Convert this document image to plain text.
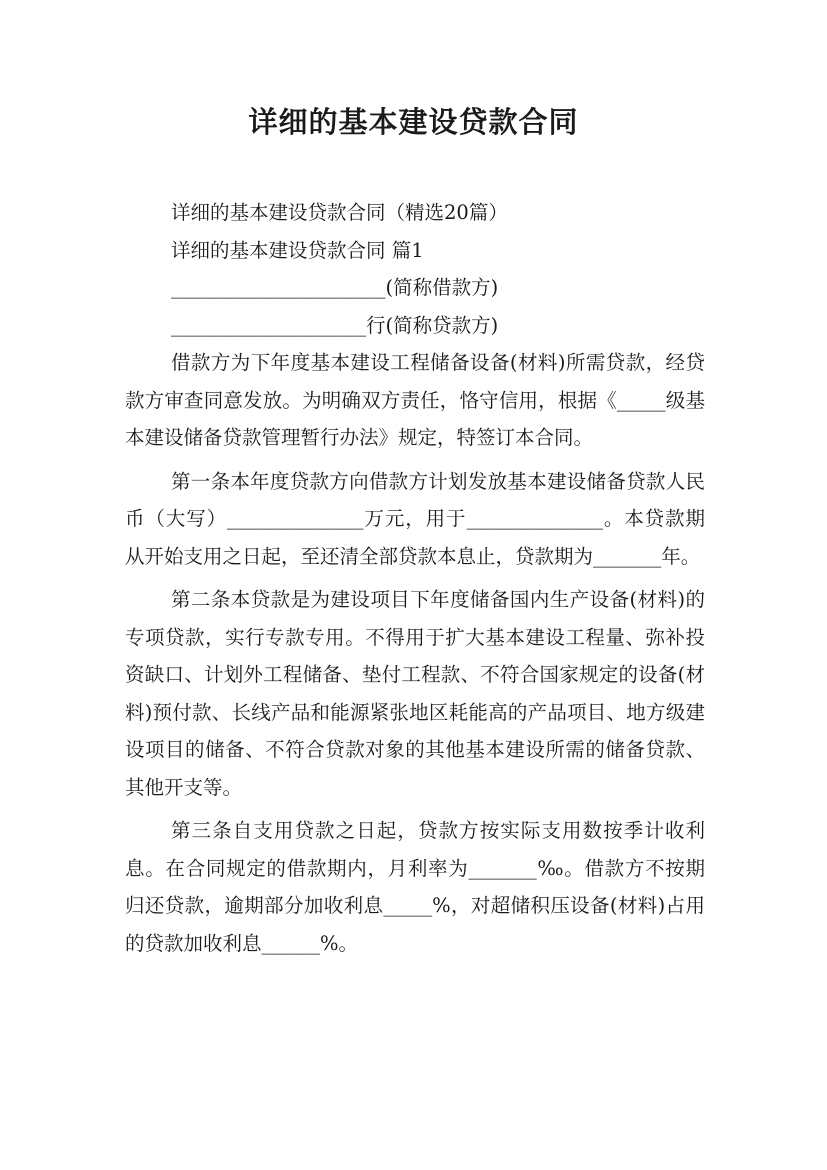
详细的基本建设贷款合同

详细的基本建设贷款合同（精选20篇）

详细的基本建设贷款合同 篇1

______________________(简称借款方)

____________________行(简称贷款方)

借款方为下年度基本建设工程储备设备(材料)所需贷款，经贷款方审查同意发放。为明确双方责任，恪守信用，根据《_____级基本建设储备贷款管理暂行办法》规定，特签订本合同。

第一条本年度贷款方向借款方计划发放基本建设储备贷款人民币（大写）______________万元，用于______________。本贷款期从开始支用之日起，至还清全部贷款本息止，贷款期为_______年。

第二条本贷款是为建设项目下年度储备国内生产设备(材料)的专项贷款，实行专款专用。不得用于扩大基本建设工程量、弥补投资缺口、计划外工程储备、垫付工程款、不符合国家规定的设备(材料)预付款、长线产品和能源紧张地区耗能高的产品项目、地方级建设项目的储备、不符合贷款对象的其他基本建设所需的储备贷款、其他开支等。

第三条自支用贷款之日起，贷款方按实际支用数按季计收利息。在合同规定的借款期内，月利率为_______‰。借款方不按期归还贷款，逾期部分加收利息_____%，对超储积压设备(材料)占用的贷款加收利息______%。
